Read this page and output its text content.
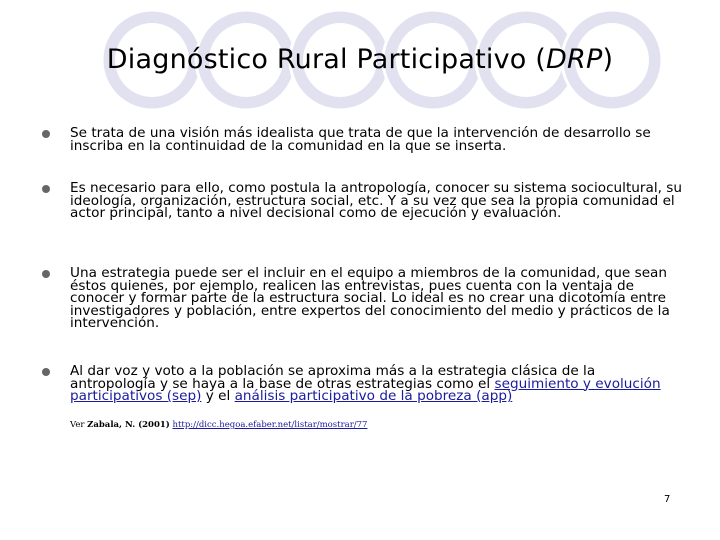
Diagnóstico Rural Participativo (DRP)
Se trata de una visión más idealista que trata de que la intervención de desarrollo se inscriba en la continuidad de la comunidad en la que se inserta.
Es necesario para ello, como postula la antropología, conocer su sistema sociocultural, su ideología, organización, estructura social, etc. Y a su vez que sea la propia comunidad el actor principal, tanto a nivel decisional como de ejecución y evaluación.
Una estrategia puede ser el incluir en el equipo a miembros de la comunidad, que sean éstos quienes, por ejemplo, realicen las entrevistas, pues cuenta con la ventaja de conocer y formar parte de la estructura social. Lo ideal es no crear una dicotomía entre investigadores y población, entre expertos del conocimiento del medio y prácticos de la intervención.
Al dar voz y voto a la población se aproxima más a la estrategia clásica de la antropología y se haya a la base de otras estrategias como el seguimiento y evolución participativos (sep) y el análisis participativo de la pobreza (app)
Ver Zabala, N. (2001) http://dicc.hegoa.efaber.net/listar/mostrar/77
7
